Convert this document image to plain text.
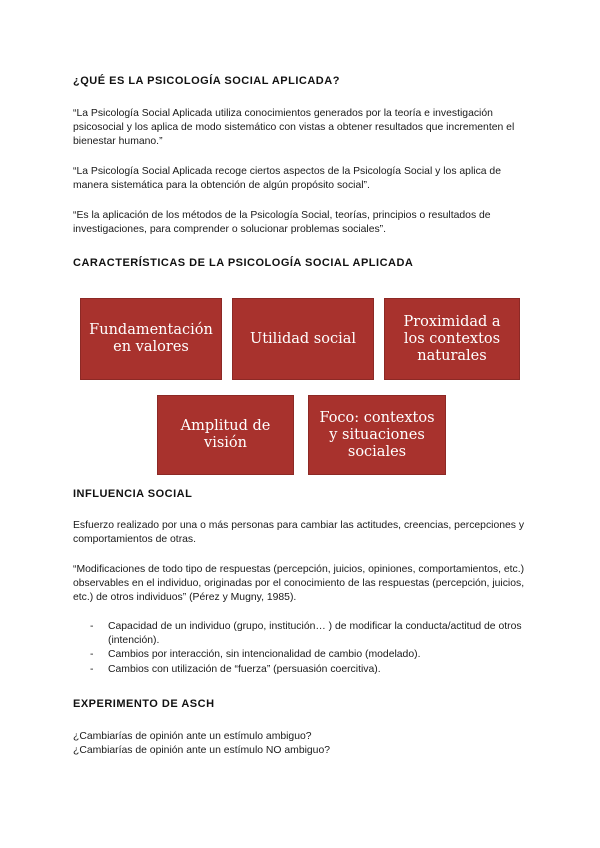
¿QUÉ ES LA PSICOLOGÍA SOCIAL APLICADA?
“La Psicología Social Aplicada utiliza conocimientos generados por la teoría e investigación psicosocial y los aplica de modo sistemático con vistas a obtener resultados que incrementen el bienestar humano.”
“La Psicología Social Aplicada recoge ciertos aspectos de la Psicología Social y los aplica de manera sistemática para la obtención de algún propósito social”.
“Es la aplicación de los métodos de la Psicología Social, teorías, principios o resultados de investigaciones, para comprender o solucionar problemas sociales”.
CARACTERÍSTICAS DE LA PSICOLOGÍA SOCIAL APLICADA
Fundamentación en valores
Utilidad social
Proximidad a los contextos naturales
Amplitud de visión
Foco: contextos y situaciones sociales
INFLUENCIA SOCIAL
Esfuerzo realizado por una o más personas para cambiar las actitudes, creencias, percepciones y comportamientos de otras.
“Modificaciones de todo tipo de respuestas (percepción, juicios, opiniones, comportamientos, etc.) observables en el individuo, originadas por el conocimiento de las respuestas (percepción, juicios, etc.) de otros individuos” (Pérez y Mugny, 1985).
- Capacidad de un individuo (grupo, institución… ) de modificar la conducta/actitud de otros (intención).
- Cambios por interacción, sin intencionalidad de cambio (modelado).
- Cambios con utilización de “fuerza” (persuasión coercitiva).
EXPERIMENTO DE ASCH
¿Cambiarías de opinión ante un estímulo ambiguo?
¿Cambiarías de opinión ante un estímulo NO ambiguo?
